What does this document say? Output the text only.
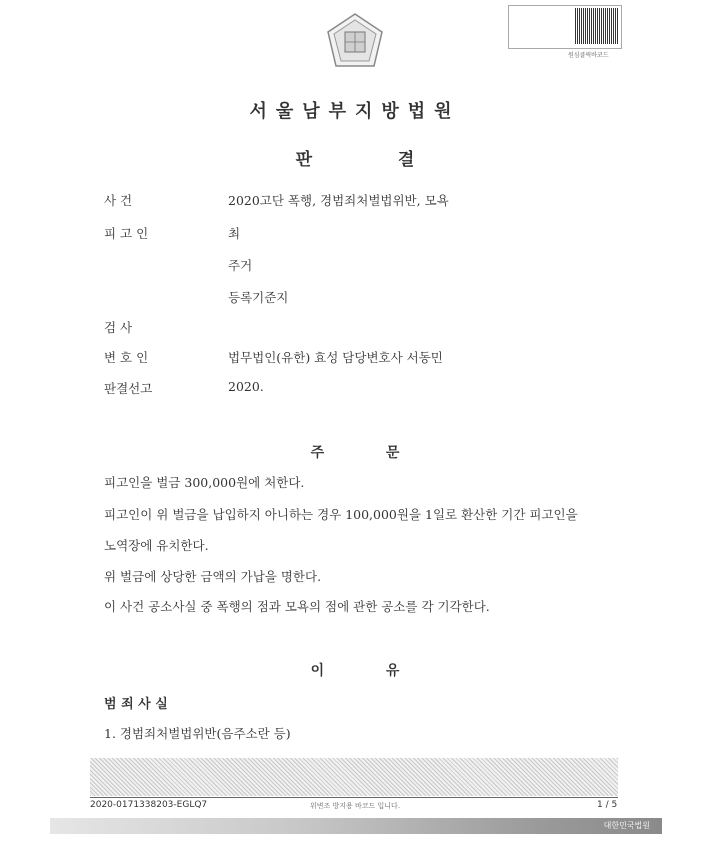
원심클릭바코드
서울남부지방법원
판	결
사 건	2020고단 폭행, 경범죄처벌법위반, 모욕
피 고 인	최
주거
등록기준지
검 사
변 호 인	법무법인(유한) 효성 담당변호사 서동민
판결선고	2020.
주	문
피고인을 벌금 300,000원에 처한다.
피고인이 위 벌금을 납입하지 아니하는 경우 100,000원을 1일로 환산한 기간 피고인을
노역장에 유치한다.
위 벌금에 상당한 금액의 가납을 명한다.
이 사건 공소사실 중 폭행의 점과 모욕의 점에 관한 공소를 각 기각한다.
이	유
범 죄 사 실
1. 경범죄처벌법위반(음주소란 등)
2020-0171338203-EGLQ7	위변조 방지용 바코드 입니다.	1 / 5
대한민국법원
